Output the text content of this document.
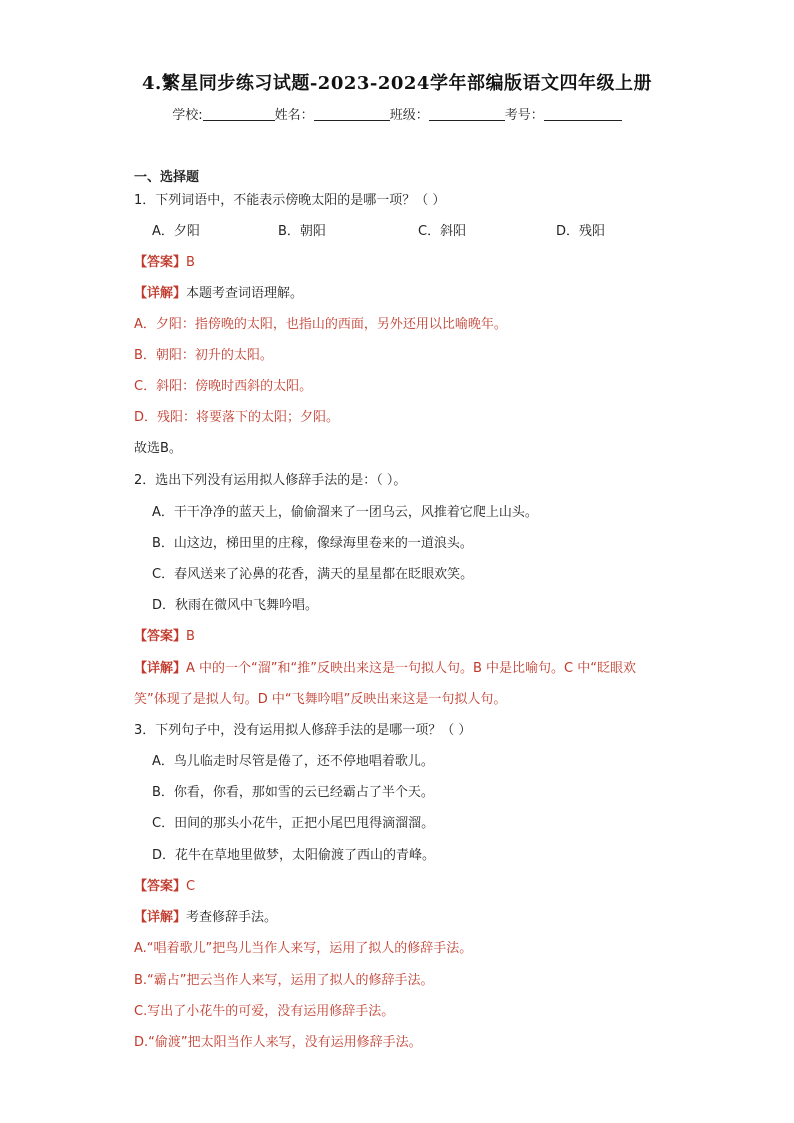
4.繁星同步练习试题-2023-2024学年部编版语文四年级上册
学校:	姓名：	班级：	考号：
一、选择题
1．下列词语中，不能表示傍晚太阳的是哪一项？（ ）
A．夕阳	B．朝阳	C．斜阳	D．残阳
【答案】B
【详解】本题考查词语理解。
A．夕阳：指傍晚的太阳，也指山的西面，另外还用以比喻晚年。
B．朝阳：初升的太阳。
C．斜阳：傍晚时西斜的太阳。
D．残阳：将要落下的太阳；夕阳。
故选B。
2．选出下列没有运用拟人修辞手法的是：（ ）。
A．干干净净的蓝天上，偷偷溜来了一团乌云，风推着它爬上山头。
B．山这边，梯田里的庄稼，像绿海里卷来的一道浪头。
C．春风送来了沁鼻的花香，满天的星星都在眨眼欢笑。
D．秋雨在微风中飞舞吟唱。
【答案】B
【详解】A 中的一个“溜”和“推”反映出来这是一句拟人句。B 中是比喻句。C 中“眨眼欢
笑”体现了是拟人句。D 中“飞舞吟唱”反映出来这是一句拟人句。
3．下列句子中，没有运用拟人修辞手法的是哪一项？（ ）
A．鸟儿临走时尽管是倦了，还不停地唱着歌儿。
B．你看，你看，那如雪的云已经霸占了半个天。
C．田间的那头小花牛，正把小尾巴甩得滴溜溜。
D．花牛在草地里做梦，太阳偷渡了西山的青峰。
【答案】C
【详解】考查修辞手法。
A.“唱着歌儿”把鸟儿当作人来写，运用了拟人的修辞手法。
B.“霸占”把云当作人来写，运用了拟人的修辞手法。
C.写出了小花牛的可爱，没有运用修辞手法。
D.“偷渡”把太阳当作人来写，没有运用修辞手法。
